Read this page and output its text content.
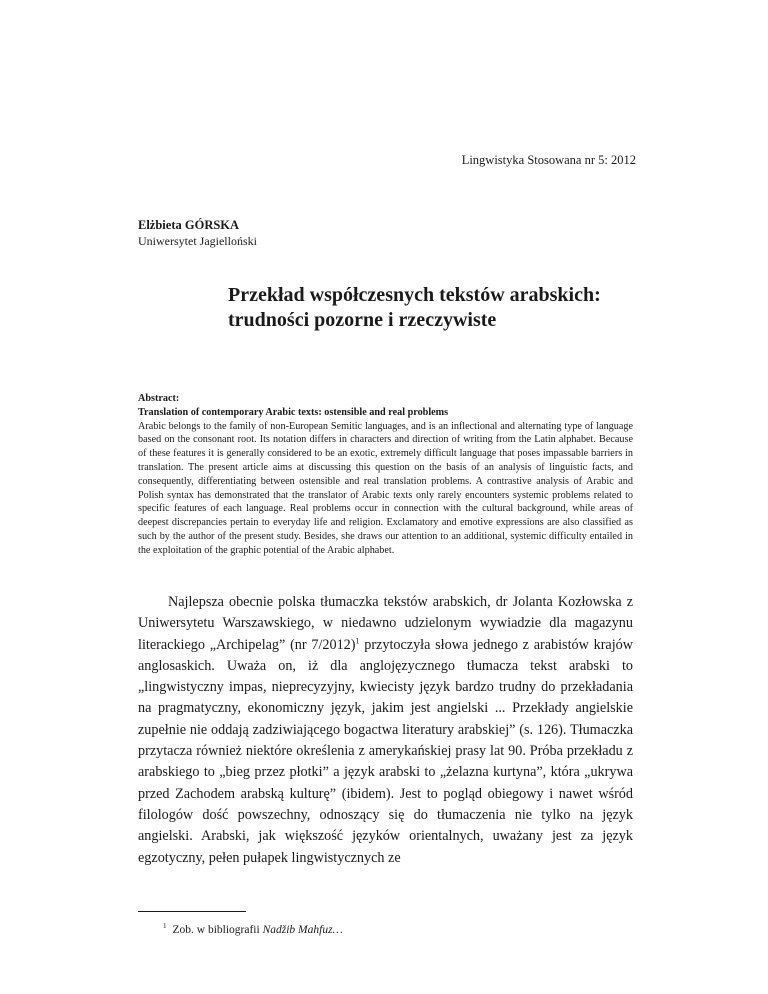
Lingwistyka Stosowana nr 5: 2012
Elżbieta GÓRSKA
Uniwersytet Jagielloński
Przekład współczesnych tekstów arabskich:
trudności pozorne i rzeczywiste
Abstract:
Translation of contemporary Arabic texts: ostensible and real problems
Arabic belongs to the family of non-European Semitic languages, and is an inflectional and alternating type of language based on the consonant root. Its notation differs in characters and direction of writing from the Latin alphabet. Because of these features it is generally considered to be an exotic, extremely difficult language that poses impassable barriers in translation. The present article aims at discussing this question on the basis of an analysis of linguistic facts, and consequently, differentiating between ostensible and real translation problems. A contrastive analysis of Arabic and Polish syntax has demonstrated that the translator of Arabic texts only rarely encounters systemic problems related to specific features of each language. Real problems occur in connection with the cultural background, while areas of deepest discrepancies pertain to everyday life and religion. Exclamatory and emotive expressions are also classified as such by the author of the present study. Besides, she draws our attention to an additional, systemic difficulty entailed in the exploitation of the graphic potential of the Arabic alphabet.

Najlepsza obecnie polska tłumaczka tekstów arabskich, dr Jolanta Kozłowska z Uniwersytetu Warszawskiego, w niedawno udzielonym wywiadzie dla magazynu literackiego „Archipelag” (nr 7/2012)$^1$ przytoczyła słowa jednego z arabistów krajów anglosaskich. Uważa on, iż dla anglojęzycznego tłumacza tekst arabski to „lingwistyczny impas, nieprecyzyjny, kwiecisty język bardzo trudny do przekładania na pragmatyczny, ekonomiczny język, jakim jest angielski ... Przekłady angielskie zupełnie nie oddają zadziwiającego bogactwa literatury arabskiej” (s. 126). Tłumaczka przytacza również niektóre określenia z amerykańskiej prasy lat 90. Próba przekładu z arabskiego to „bieg przez płotki” a język arabski to „żelazna kurtyna”, która „ukrywa przed Zachodem arabską kulturę” (ibidem). Jest to pogląd obiegowy i nawet wśród filologów dość powszechny, odnoszący się do tłumaczenia nie tylko na język angielski. Arabski, jak większość języków orientalnych, uważany jest za język egzotyczny, pełen pułapek lingwistycznych ze

$^1$ Zob. w bibliografii Nadžib Mahfuz…
